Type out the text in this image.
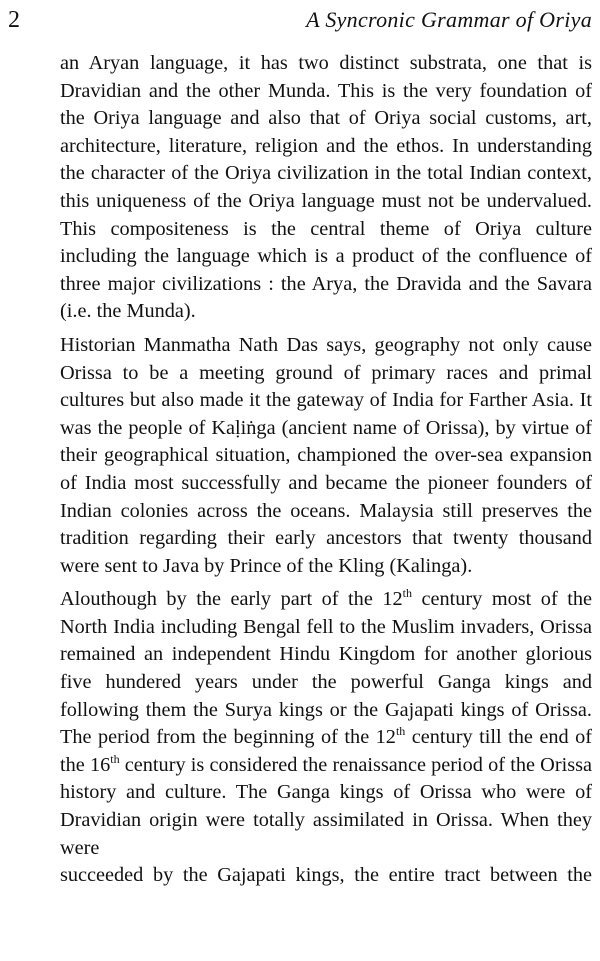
2	A Syncronic Grammar of Oriya

an Aryan language, it has two distinct substrata, one that is Dravidian and the other Munda. This is the very foundation of the Oriya language and also that of Oriya social customs, art, architecture, literature, religion and the ethos. In understanding the character of the Oriya civilization in the total Indian context, this uniqueness of the Oriya language must not be undervalued. This compositeness is the central theme of Oriya culture including the language which is a product of the confluence of three major civilizations : the Arya, the Dravida and the Savara (i.e. the Munda).

Historian Manmatha Nath Das says, geography not only cause Orissa to be a meeting ground of primary races and primal cultures but also made it the gateway of India for Farther Asia. It was the people of Kaḷiṅga (ancient name of Orissa), by virtue of their geographical situation, championed the over-sea expansion of India most successfully and became the pioneer founders of Indian colonies across the oceans. Malaysia still preserves the tradition regarding their early ancestors that twenty thousand were sent to Java by Prince of the Kling (Kalinga).

Alouthough by the early part of the 12th century most of the North India including Bengal fell to the Muslim invaders, Orissa remained an independent Hindu Kingdom for another glorious five hundered years under the powerful Ganga kings and following them the Surya kings or the Gajapati kings of Orissa. The period from the beginning of the 12th century till the end of the 16th century is considered the renaissance period of the Orissa history and culture. The Ganga kings of Orissa who were of Dravidian origin were totally assimilated in Orissa. When they were
succeeded by the Gajapati kings, the entire tract between the
